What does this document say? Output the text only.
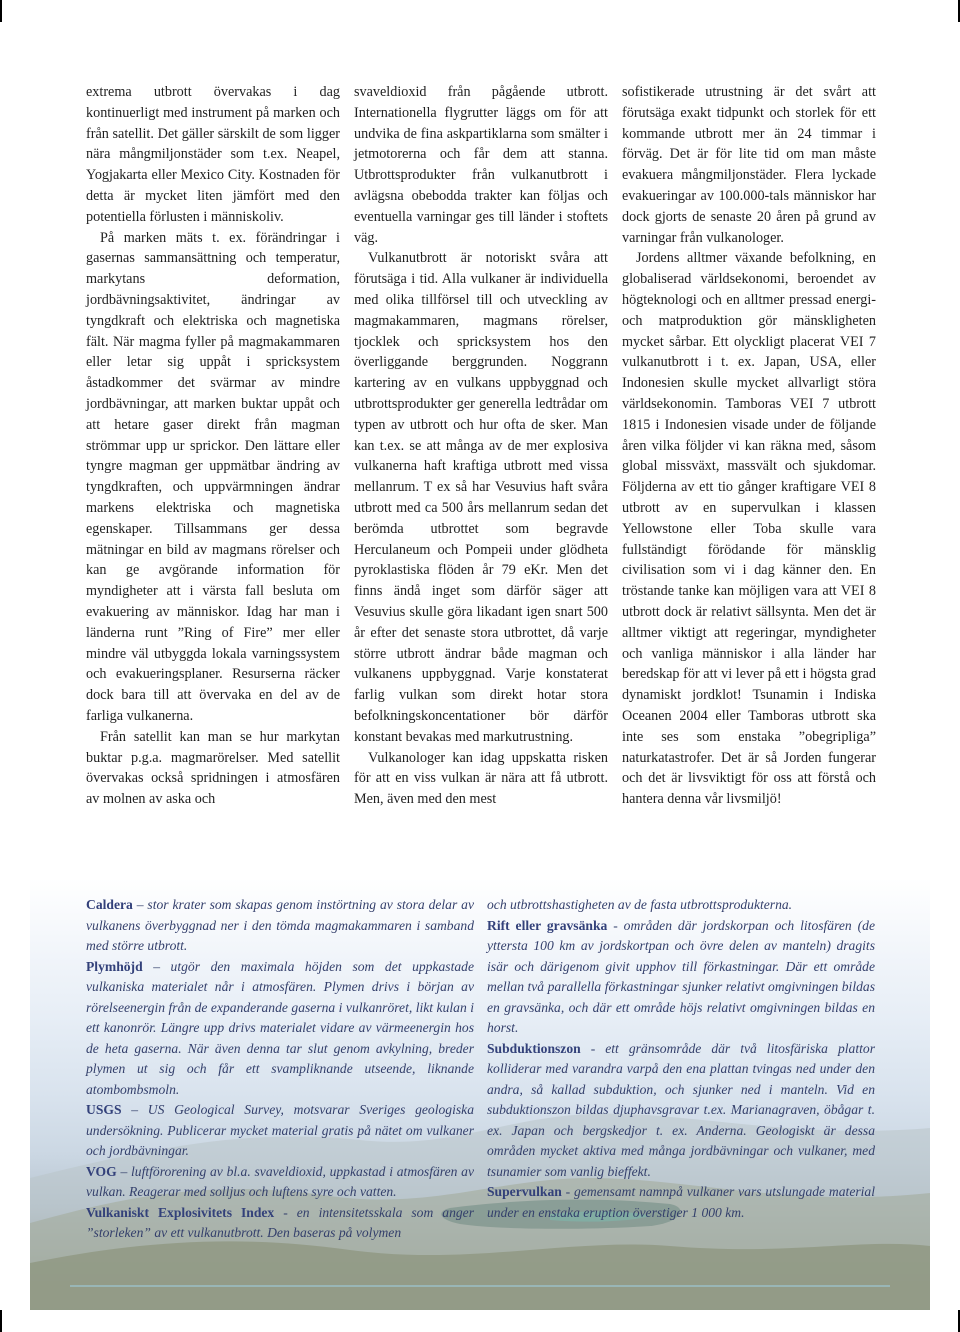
extrema utbrott övervakas i dag kontinuerligt med instrument på marken och från satellit. Det gäller särskilt de som ligger nära mångmiljonstäder som t.ex. Neapel, Yogjakarta eller Mexico City. Kostnaden för detta är mycket liten jämfört med den potentiella förlusten i människoliv.

På marken mäts t. ex. förändringar i gasernas sammansättning och temperatur, markytans deformation, jordbävningsaktivitet, ändringar av tyngdkraft och elektriska och magnetiska fält. När magma fyller på magmakammaren eller letar sig uppåt i spricksystem åstadkommer det svärmar av mindre jordbävningar, att marken buktar uppåt och att hetare gaser direkt från magman strömmar upp ur sprickor. Den lättare eller tyngre magman ger uppmätbar ändring av tyngdkraften, och uppvärmningen ändrar markens elektriska och magnetiska egenskaper. Tillsammans ger dessa mätningar en bild av magmans rörelser och kan ge avgörande information för myndigheter att i värsta fall besluta om evakuering av människor. Idag har man i länderna runt ”Ring of Fire” mer eller mindre väl utbyggda lokala varningssystem och evakueringsplaner. Resurserna räcker dock bara till att övervaka en del av de farliga vulkanerna.

Från satellit kan man se hur markytan buktar p.g.a. magmarörelser. Med satellit övervakas också spridningen i atmosfären av molnen av aska och

svaveldioxid från pågående utbrott. Internationella flygrutter läggs om för att undvika de fina askpartiklarna som smälter i jetmotorerna och får dem att stanna. Utbrottsprodukter från vulkanutbrott i avlägsna obebodda trakter kan följas och eventuella varningar ges till länder i stoftets väg.

Vulkanutbrott är notoriskt svåra att förutsäga i tid. Alla vulkaner är individuella med olika tillförsel till och utveckling av magmakammaren, magmans rörelser, tjocklek och spricksystem hos den överliggande berggrunden. Noggrann kartering av en vulkans uppbyggnad och utbrottsprodukter ger generella ledtrådar om typen av utbrott och hur ofta de sker. Man kan t.ex. se att många av de mer explosiva vulkanerna haft kraftiga utbrott med vissa mellanrum. T ex så har Vesuvius haft svåra utbrott med ca 500 års mellanrum sedan det berömda utbrottet som begravde Herculaneum och Pompeii under glödheta pyroklastiska flöden år 79 eKr. Men det finns ändå inget som därför säger att Vesuvius skulle göra likadant igen snart 500 år efter det senaste stora utbrottet, då varje större utbrott ändrar både magman och vulkanens uppbyggnad. Varje konstaterat farlig vulkan som direkt hotar stora befolkningskoncentationer bör därför konstant bevakas med markutrustning.

Vulkanologer kan idag uppskatta risken för att en viss vulkan är nära att få utbrott. Men, även med den mest

sofistikerade utrustning är det svårt att förutsäga exakt tidpunkt och storlek för ett kommande utbrott mer än 24 timmar i förväg. Det är för lite tid om man måste evakuera mångmiljonstäder. Flera lyckade evakueringar av 100.000-tals människor har dock gjorts de senaste 20 åren på grund av varningar från vulkanologer.

Jordens alltmer växande befolkning, en globaliserad världsekonomi, beroendet av högteknologi och en alltmer pressad energi- och matproduktion gör mänskligheten mycket sårbar. Ett olyckligt placerat VEI 7 vulkanutbrott i t. ex. Japan, USA, eller Indonesien skulle mycket allvarligt störa världsekonomin. Tamboras VEI 7 utbrott 1815 i Indonesien visade under de följande åren vilka följder vi kan räkna med, såsom global missväxt, massvält och sjukdomar. Följderna av ett tio gånger kraftigare VEI 8 utbrott av en supervulkan i klassen Yellowstone eller Toba skulle vara fullständigt förödande för mänsklig civilisation som vi i dag känner den. En tröstande tanke kan möjligen vara att VEI 8 utbrott dock är relativt sällsynta. Men det är alltmer viktigt att regeringar, myndigheter och vanliga människor i alla länder har beredskap för att vi lever på ett i högsta grad dynamiskt jordklot! Tsunamin i Indiska Oceanen 2004 eller Tamboras utbrott ska inte ses som enstaka ”obegripliga” naturkatastrofer. Det är så Jorden fungerar och det är livsviktigt för oss att förstå och hantera denna vår livsmiljö!

Caldera – stor krater som skapas genom instörtning av stora delar av vulkanens överbyggnad ner i den tömda magmakammaren i samband med större utbrott.

Plymhöjd – utgör den maximala höjden som det uppkastade vulkaniska materialet når i atmosfären. Plymen drivs i början av rörelseenergin från de expanderande gaserna i vulkanröret, likt kulan i ett kanonrör. Längre upp drivs materialet vidare av värmeenergin hos de heta gaserna. När även denna tar slut genom avkylning, breder plymen ut sig och får ett svampliknande utseende, liknande atombombsmoln.

USGS – US Geological Survey, motsvarar Sveriges geologiska undersökning. Publicerar mycket material gratis på nätet om vulkaner och jordbävningar.

VOG – luftförorening av bl.a. svaveldioxid, uppkastad i atmosfären av vulkan. Reagerar med solljus och luftens syre och vatten.

Vulkaniskt Explosivitets Index - en intensitetsskala som anger ”storleken” av ett vulkanutbrott. Den baseras på volymen

och utbrottshastigheten av de fasta utbrottsprodukterna.

Rift eller gravsänka - områden där jordskorpan och litosfären (de yttersta 100 km av jordskortpan och övre delen av manteln) dragits isär och därigenom givit upphov till förkastningar. Där ett område mellan två parallella förkastningar sjunker relativt omgivningen bildas en gravsänka, och där ett område höjs relativt omgivningen bildas en horst.

Subduktionszon - ett gränsområde där två litosfäriska plattor kolliderar med varandra varpå den ena plattan tvingas ned under den andra, så kallad subduktion, och sjunker ned i manteln. Vid en subduktionszon bildas djuphavsgravar t.ex. Marianagraven, öbågar t. ex. Japan och bergskedjor t. ex. Anderna. Geologiskt är dessa områden mycket aktiva med många jordbävningar och vulkaner, med tsunamier som vanlig bieffekt.

Supervulkan - gemensamt namnpå vulkaner vars utslungade material under en enstaka eruption överstiger 1 000 km.
